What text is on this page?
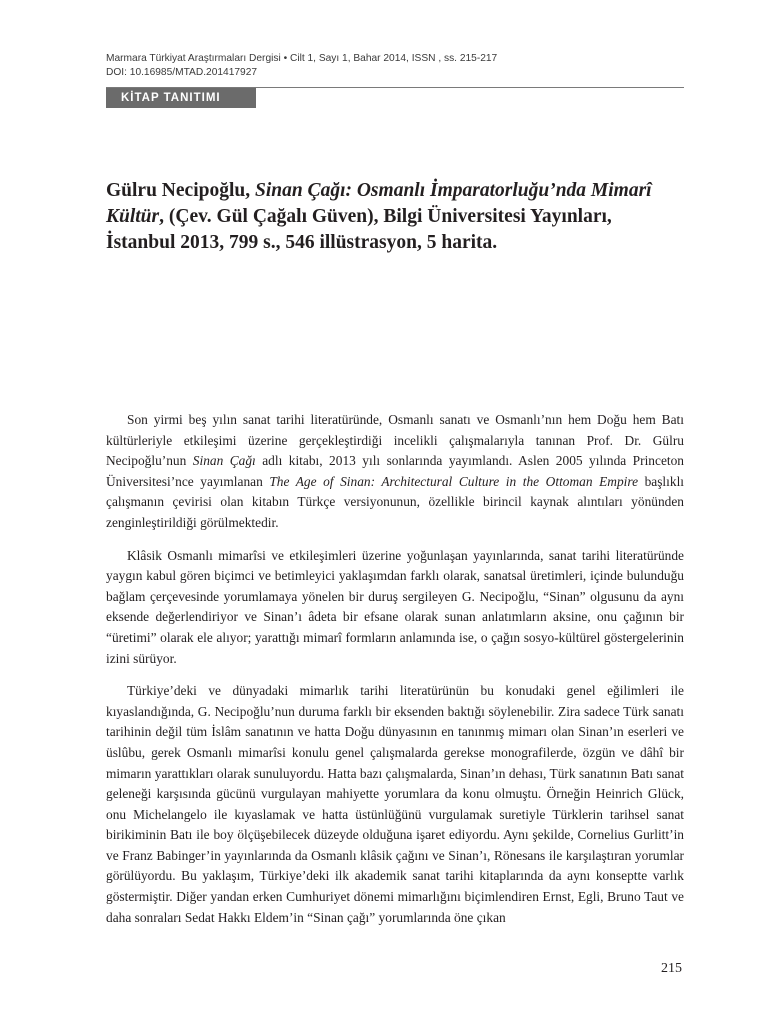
Marmara Türkiyat Araştırmaları Dergisi • Cilt 1, Sayı 1, Bahar 2014, ISSN , ss. 215-217
DOI: 10.16985/MTAD.201417927
KİTAP TANITIMI
Gülru Necipoğlu, Sinan Çağı: Osmanlı İmparatorluğu’nda Mimarî Kültür, (Çev. Gül Çağalı Güven), Bilgi Üniversitesi Yayınları, İstanbul 2013, 799 s., 546 illüstrasyon, 5 harita.

Son yirmi beş yılın sanat tarihi literatüründe, Osmanlı sanatı ve Osmanlı’nın hem Doğu hem Batı kültürleriyle etkileşimi üzerine gerçekleştirdiği incelikli çalışmalarıyla tanınan Prof. Dr. Gülru Necipoğlu’nun Sinan Çağı adlı kitabı, 2013 yılı sonlarında yayımlandı. Aslen 2005 yılında Princeton Üniversitesi’nce yayımlanan The Age of Sinan: Architectural Culture in the Ottoman Empire başlıklı çalışmanın çevirisi olan kitabın Türkçe versiyonunun, özellikle birincil kaynak alıntıları yönünden zenginleştirildiği görülmektedir.

Klâsik Osmanlı mimarîsi ve etkileşimleri üzerine yoğunlaşan yayınlarında, sanat tarihi literatüründe yaygın kabul gören biçimci ve betimleyici yaklaşımdan farklı olarak, sanatsal üretimleri, içinde bulunduğu bağlam çerçevesinde yorumlamaya yönelen bir duruş sergileyen G. Necipoğlu, “Sinan” olgusunu da aynı eksende değerlendiriyor ve Sinan’ı âdeta bir efsane olarak sunan anlatımların aksine, onu çağının bir “üretimi” olarak ele alıyor; yarattığı mimarî formların anlamında ise, o çağın sosyo-kültürel göstergelerinin izini sürüyor.

Türkiye’deki ve dünyadaki mimarlık tarihi literatürünün bu konudaki genel eğilimleri ile kıyaslandığında, G. Necipoğlu’nun duruma farklı bir eksenden baktığı söylenebilir. Zira sadece Türk sanatı tarihinin değil tüm İslâm sanatının ve hatta Doğu dünyasının en tanınmış mimarı olan Sinan’ın eserleri ve üslûbu, gerek Osmanlı mimarîsi konulu genel çalışmalarda gerekse monografilerde, özgün ve dâhî bir mimarın yarattıkları olarak sunuluyordu. Hatta bazı çalışmalarda, Sinan’ın dehası, Türk sanatının Batı sanat geleneği karşısında gücünü vurgulayan mahiyette yorumlara da konu olmuştu. Örneğin Heinrich Glück, onu Michelangelo ile kıyaslamak ve hatta üstünlüğünü vurgulamak suretiyle Türklerin tarihsel sanat birikiminin Batı ile boy ölçüşebilecek düzeyde olduğuna işaret ediyordu. Aynı şekilde, Cornelius Gurlitt’in ve Franz Babinger’in yayınlarında da Osmanlı klâsik çağını ve Sinan’ı, Rönesans ile karşılaştıran yorumlar görülüyordu. Bu yaklaşım, Türkiye’deki ilk akademik sanat tarihi kitaplarında da aynı konseptte varlık göstermiştir. Diğer yandan erken Cumhuriyet dönemi mimarlığını biçimlendiren Ernst, Egli, Bruno Taut ve daha sonraları Sedat Hakkı Eldem’in “Sinan çağı” yorumlarında öne çıkan

215
